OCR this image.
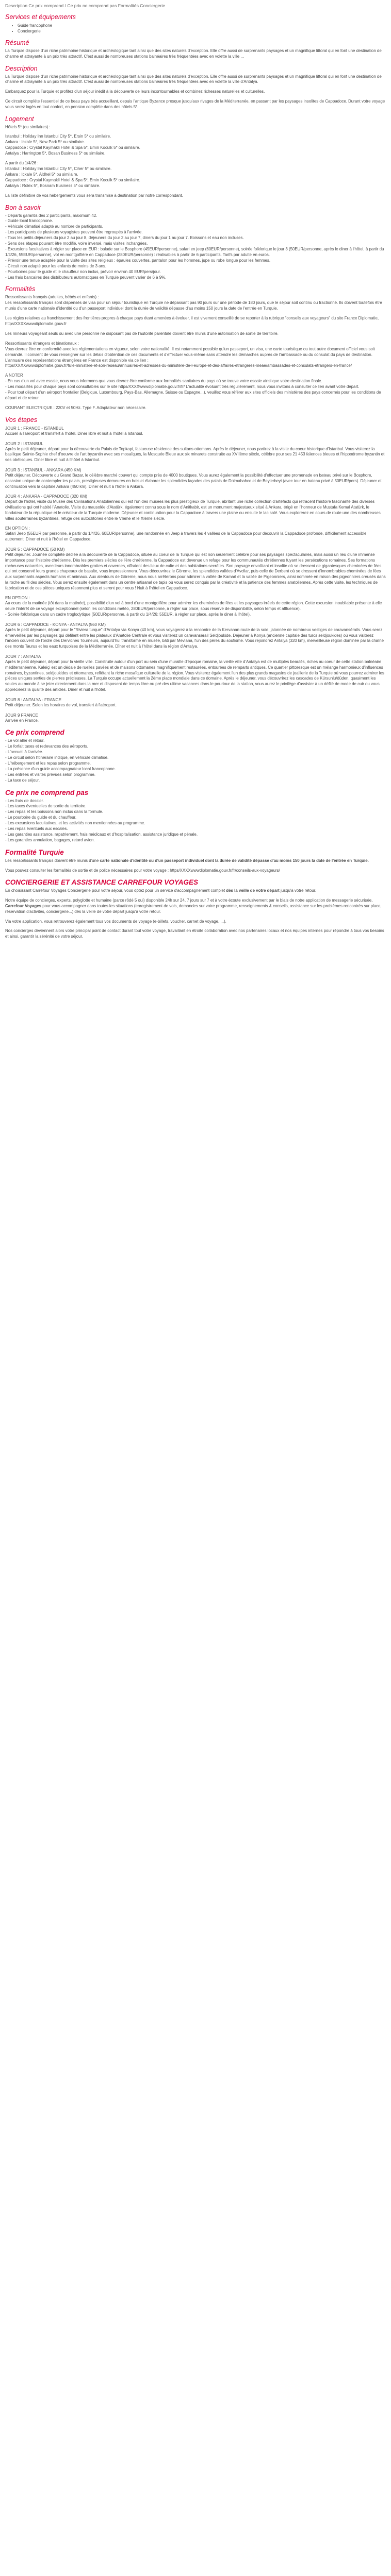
Description Ce prix comprend / Ce prix ne comprend pas Formalités Conciergerie
Services et équipements
• Guide francophone
• Conciergerie
Résumé

La Turquie dispose d'un riche patrimoine historique et archéologique tant ainsi que des sites naturels d'exception. Elle offre aussi de surprenants paysages et un magnifique littoral qui en font une destination de charme et attrayante à un prix très attractif. C'est aussi de nombreuses stations balnéaires très fréquentées avec en volette la ville ...

Description

La Turquie dispose d'un riche patrimoine historique et archéologique tant ainsi que des sites naturels d'exception. Elle offre aussi de surprenants paysages et un magnifique littoral qui en font une destination de charme et attrayante à un prix très attractif. C'est aussi de nombreuses stations balnéaires très fréquentées avec en volette la ville d'Antalya.

Embarquez pour la Turquie et profitez d'un séjour inédit à la découverte de leurs incontournables et combinez richesses naturelles et culturelles.

Ce circuit complète l'essentiel de ce beau pays très accueillant, depuis l'antique Byzance presque jusqu'aux rivages de la Méditerranée, en passant par les paysages insolites de Cappadoce. Durant votre voyage vous serez logés en tout confort, en pension complète dans des hôtels 5*.

Logement
Hôtels 5* (ou similaires) :
Istanbul : Holiday Inn Istanbul City 5*, Ersin 5* ou similaire.
Ankara : Ickale 5*, New Park 5* ou similaire.
Cappadoce : Crystal Kaymakli Hotel & Spa 5*, Emin Koculk 5* ou similaire.
Antalya : Harrington 5*, Bosan Business 5* ou similaire.
A partir du 1/4/26 :
Istanbul : Holiday Inn Istanbul City 5*, Ciher 5* ou similaire.
Ankara : Ickale 5*, Aldhel 5* ou similaire.
Cappadoce : Crystal Kaymakli Hotel & Spa 5*, Emin Koculk 5* ou similaire.
Antalya : Rolex 5*, Bosnam Business 5* ou similaire.
La liste définitive de vos hébergements vous sera transmise à destination par notre correspondant.
Bon à savoir
- Départs garantis dès 2 participants, maximum 42.
- Guide local francophone.
- Véhicule climatisé adapté au nombre de participants.
- Les participants de plusieurs voyagistes peuvent être regroupés à l'arrivée.
- Tous les petits déjeuners du jour 2 au jour 8, déjeuners du jour 2 au jour 7, diners du jour 1 au jour 7. Boissons et eau non incluses.
- Sens des étapes pouvant être modifié, voire inversé, mais visites inchangées.
- Excursions facultatives à régler sur place en EUR : balade sur le Bosphore (45EUR/personne), safari en jeep (60EUR/personne), soirée folklorique le jour 3 (50EUR/personne, après le diner à l'hôtel, à partir du 1/4/26, 55EUR/personne), vol en montgolfière en Cappadoce (280EUR/personne) : réalisables à partir de 6 participants. Tarifs par adulte en euros.
- Prévoir une tenue adaptée pour la visite des sites religieux : épaules couvertes, pantalon pour les hommes, jupe ou robe longue pour les femmes.
- Circuit non adapté pour les enfants de moins de 3 ans.
- Pourboires pour le guide et le chauffeur non inclus, prévoir environ 40 EUR/pers/jour.
- Les frais bancaires des distributeurs automatiques en Turquie peuvent varier de 6 à 9%.
Formalités
Ressortissants français (adultes, bébés et enfants) :
Les ressortissants français sont dispensés de visa pour un séjour touristique en Turquie ne dépassant pas 90 jours sur une période de 180 jours, que le séjour soit continu ou fractionné. Ils doivent toutefois être munis d'une carte nationale d'identité ou d'un passeport individuel dont la durée de validité dépasse d'au moins 150 jours la date de l'entrée en Turquie.
Les règles relatives au franchissement des frontières propres à chaque pays étant amenées à évoluer, il est vivement conseillé de se reporter à la rubrique "conseils aux voyageurs" du site France Diplomatie, https/XXXXwwwdiplomatie.gouv.fr
Les mineurs voyageant seuls ou avec une personne ne disposant pas de l'autorité parentale doivent être munis d'une autorisation de sortie de territoire.
Ressortissants étrangers et binationaux :
Vous devrez être en conformité avec les réglementations en vigueur, selon votre nationalité. Il est notamment possible qu'un passeport, un visa, une carte touristique ou tout autre document officiel vous soit demandé. Il convient de vous renseigner sur les délais d'obtention de ces documents et d'effectuer vous-même sans attendre les démarches auprès de l'ambassade ou du consulat du pays de destination.
L'annuaire des représentations étrangères en France est disponible via ce lien :
https/XXXXwwwdiplomatie.gouv.fr/fr/le-ministere-et-son-reseau/annuaires-et-adresses-du-ministere-de-l-europe-et-des-affaires-etrangeres-meae/ambassades-et-consulats-etrangers-en-france/
A NOTER
- En cas d'un vol avec escale, nous vous informons que vous devrez être conforme aux formalités sanitaires du pays où se trouve votre escale ainsi que votre destination finale.
- Les modalités pour chaque pays sont consultables sur le site https/XXXXwwwdiplomatie.gouv.fr/fr/ L'actualité évoluant très régulièrement, nous vous invitons à consulter ce lien avant votre départ.
- Pour tout départ d'un aéroport frontalier (Belgique, Luxembourg, Pays-Bas, Allemagne, Suisse ou Espagne...), veuillez vous référer aux sites officiels des ministères des pays concernés pour les conditions de départ et de retour.
COURANT ELECTRIQUE : 220V et 50Hz. Type F. Adaptateur non nécessaire.
Vos étapes
JOUR 1 : FRANCE - ISTANBUL

Accueil à l'aéroport et transfert à l'hôtel. Diner libre et nuit à l'hôtel à Istanbul.

JOUR 2 : ISTANBUL

Après le petit déjeuner, départ pour la découverte du Palais de Topkapi, fastueuse résidence des sultans ottomans. Après le déjeuner, nous partirez à la visite du coeur historique d'Istanbul. Vous visiterez la basilique Sainte-Sophie chef d'oeuvre de l'art byzantin avec ses mosaïques, la Mosquée Bleue aux six minarets construite au XVIIème siècle, célèbre pour ses 21 453 faïences bleues et l'hippodrome byzantin et ses obélisques. Diner libre et nuit à l'hôtel à Istanbul.

JOUR 3 : ISTANBUL - ANKARA (450 KM)

Petit déjeuner. Découverte du Grand Bazar, le célèbre marché couvert qui compte près de 4000 boutiques. Vous aurez également la possibilité d'effectuer une promenade en bateau privé sur le Bosphore, occasion unique de contempler les palais, prestigieuses demeures en bois et élaborer les splendides façades des palais de Dolmabahce et de Beylerbeyi (avec tour en bateau privé à 50EUR/pers). Déjeuner et continuation vers la capitale Ankara (450 km). Diner et nuit à l'hôtel à Ankara.

JOUR 4 : ANKARA - CAPPADOCE (320 KM)

Départ de l'hôtel, visite du Musée des Civilisations Anatoliennes qui est l'un des musées les plus prestigieux de Turquie, abritant une riche collection d'artefacts qui retracent l'histoire fascinante des diverses civilisations qui ont habité l'Anatolie. Visite du mausolée d'Atatürk, également connu sous le nom d'Anitkabir, est un monument majestueux situé à Ankara, érigé en l'honneur de Mustafa Kemal Atatürk, le fondateur de la république et le créateur de la Turquie moderne. Déjeuner et continuation pour la Cappadoce à travers une plaine ou ensuite le lac salé. Vous explorerez en cours de route une des nombreuses villes souterraines byzantines, refuge des autochtones entre le VIème et le XIème siècle.

EN OPTION :
Safari Jeep (55EUR par personne, à partir du 1/4/26, 60EUR/personne), une randonnée en Jeep à travers les 4 vallées de la Cappadoce pour découvrir la Cappadoce profonde, difficilement accessible autrement. Diner et nuit à l'hôtel en Cappadoce.

JOUR 5 : CAPPADOCE (50 KM)

Petit déjeuner. Journée complète dédiée à la découverte de la Cappadoce, située au coeur de la Turquie qui est non seulement célèbre pour ses paysages spectaculaires, mais aussi un lieu d'une immense importance pour l'histoire chrétienne. Dès les premiers siècles de l'ère chrétienne, la Cappadoce est devenue un refuge pour les communautés chrétiennes fuyant les persécutions romaines. Ses formations rocheuses naturelles, avec leurs innombrables grottes et cavernes, offraient des lieux de culte et des habitations secrètes. Son paysage envoûtant et insolite où se dressent de gigantesques cheminées de fées qui ont conservé leurs grands chapeaux de basalte, vous impressionnera. Vous découvrirez le Göreme, les splendides vallées d'Avcilar, puis celle de Derbent où se dressent d'innombrables cheminées de fées aux surprenants aspects humains et animaux. Aux alentours de Göreme, nous nous arrêterons pour admirer la vallée de Kamarl et la vallée de Pigeonniers, ainsi nommée en raison des pigeonniers creusés dans la roche au fil des siècles. Vous serez ensuite également dans un centre artisanal de tapis où vous serez conquis par la créativité et la patience des femmes anatoliennes. Après cette visite, les techniques de fabrication et de ces pièces uniques résonnent plus et seront pour vous ! Nuit à l'hôtel en Cappadoce.

EN OPTION :
Au cours de la matinée (tôt dans la matinée), possibilité d'un vol à bord d'une montgolfière pour admirer les cheminées de fées et les paysages irréels de cette région. Cette excursion inoubliable présente à elle seule l'intérêt de ce voyage exceptionnel (selon les conditions météo, 280EUR/personne, à régler sur place, sous réserve de disponibilité, selon temps et affluence).
- Soirée folklorique dans un cadre troglodytique (50EUR/personne, à partir du 1/4/26: 55EUR, à régler sur place, après le diner à l'hôtel).

JOUR 6 : CAPPADOCE - KONYA - ANTALYA (560 KM)

Après le petit déjeuner, départ pour le "Riviera turque" d'Antalya via Konya (40 km), vous voyagerez à la rencontre de la Kervanan route de la soie, jalonnée de nombreux vestiges de caravansérails. Vous serez émerveillés par les paysages qui défilent entre les plateaux d'Anatolie Centrale et vous visiterez un caravansérail Seldjoukide. Déjeuner à Konya (ancienne capitale des turcs seldjoukides) où vous visiterez l'ancien couvent de l'ordre des Derviches Tourneurs, aujourd'hui transformé en musée, bâti par Mevlana, l'un des pères du soufisme. Vous rejoindrez Antalya (320 km), merveilleuse région dominée par la chaîne des monts Taurus et les eaux turquoises de la Méditerranée. Dîner et nuit à l'hôtel dans la région d'Antalya.

JOUR 7 : ANTALYA

Après le petit déjeuner, départ pour la vieille ville. Construite autour d'un port au sein d'une muraille d'époque romaine, la vieille ville d'Antalya est de multiples beautés, riches au coeur de cette station balnéaire méditerranéenne, Kaleiçi est un dédale de ruelles pavées et de maisons ottomanes magnifiquement restaurées, entourées de remparts antiques. Ce quartier pittoresque est un mélange harmonieux d'influences romaines, byzantines, seldjoukides et ottomanes, reflétant la riche mosaïque culturelle de la région. Vous visiterez également l'un des plus grands magasins de joaillerie de la Turquie où vous pourrez admirer les pièces uniques serties de pierres précieuses. La Turquie occupe actuellement la 2ème place mondiale dans ce domaine. Après le déjeuner, vous découvrirez les cascades de Kürsunlu/düden, quasiment les seules au monde à se jeter directement dans la mer et disposent de temps libre ou pré des ultime vacances dans le pourtour de la station, vous aurez le privilège d'assister à un défilé de mode de cuir ou vous apprécierez la qualité des articles. Dîner et nuit à l'hôtel.

JOUR 8 : ANTALYA - FRANCE

Petit déjeuner. Selon les horaires de vol, transfert à l'aéroport.

JOUR 9 FRANCE

Arrivée en France.

Ce prix comprend
- Le vol aller et retour.
- Le forfait taxes et redevances des aéroports.
- L'accueil à l'arrivée.
- Le circuit selon l'itinéraire indiqué, en véhicule climatisé.
- L'hébergement et les repas selon programme.
- La présence d'un guide accompagnateur local francophone.
- Les entrées et visites prévues selon programme.
- La taxe de séjour.
Ce prix ne comprend pas
- Les frais de dossier.
- Les taxes éventuelles de sortie du territoire.
- Les repas et les boissons non inclus dans la formule.
- Le pourboire du guide et du chauffeur.
- Les excursions facultatives, et les activités non mentionnées au programme.
- Les repas éventuels aux escales.
- Les garanties assistance, rapatriement, frais médicaux et d'hospitalisation, assistance juridique et pénale.
- Les garanties annulation, bagages, retard avion.
Formalité Turquie

Les ressortissants français doivent être munis d'une carte nationale d'identité ou d'un passeport individuel dont la durée de validité dépasse d'au moins 150 jours la date de l'entrée en Turquie.

Vous pouvez consulter les formalités de sortie et de police nécessaires pour votre voyage : https/XXXXwwwdiplomatie.gouv.fr/fr/conseils-aux-voyageurs/

CONCIERGERIE ET ASSISTANCE CARREFOUR VOYAGES

En choisissant Carrefour Voyages Conciergerie pour votre séjour, vous optez pour un service d'accompagnement complet dès la veille de votre départ jusqu'à votre retour.

Notre équipe de concierges, experts, polyglotte et humaine (parce rôdé 5 oui) disponible 24h sur 24, 7 jours sur 7 et à votre écoute exclusivement par le biais de notre application de messagerie sécurisée, Carrefour Voyages pour vous accompagner dans toutes les situations (enregistrement de vols, demandes sur votre programme, renseignements & conseils, assistance sur les problèmes rencontrés sur place, réservation d'activités, conciergerie...) dès la veille de votre départ jusqu'à votre retour.

Via votre application, vous retrouverez également tous vos documents de voyage (e-billets, voucher, carnet de voyage, ...).

Nos concierges deviennent alors votre principal point de contact durant tout votre voyage, travaillant en étroite collaboration avec nos partenaires locaux et nos équipes internes pour répondre à tous vos besoins et ainsi, garantir la sérénité de votre séjour.
